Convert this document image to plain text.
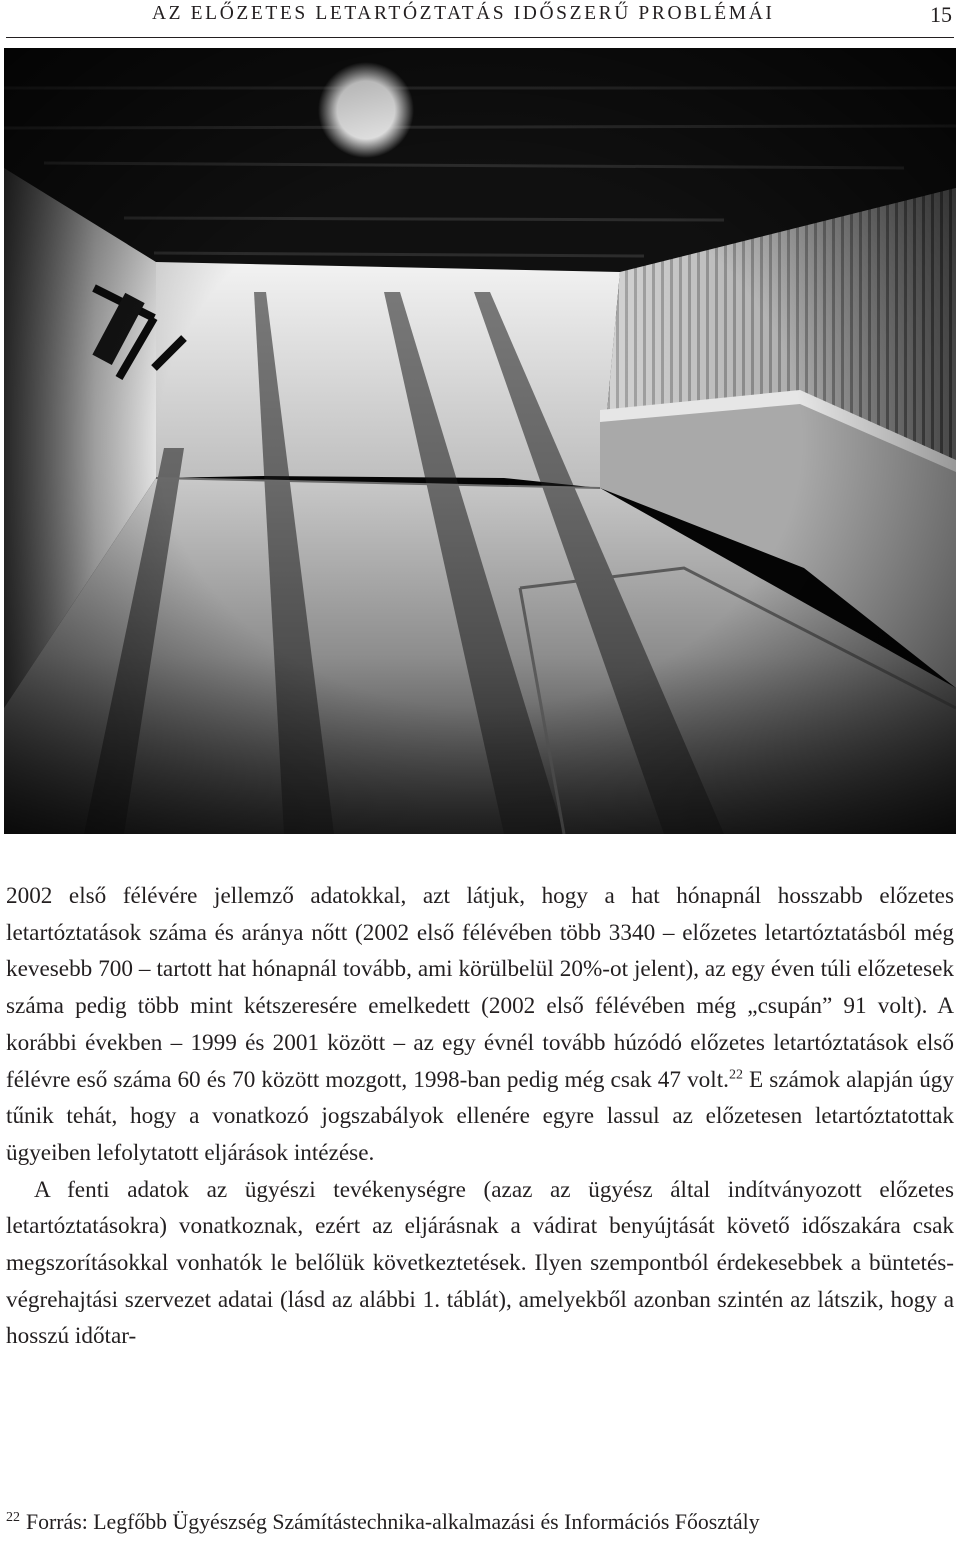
AZ ELŐZETES LETARTÓZTATÁS IDŐSZERŰ PROBLÉMÁI	15

2002 első félévére jellemző adatokkal, azt látjuk, hogy a hat hónapnál hosszabb előzetes letartóztatások száma és aránya nőtt (2002 első félévében több 3340 – előzetes letartóztatásból még kevesebb 700 – tartott hat hónapnál tovább, ami körülbelül 20%-ot jelent), az egy éven túli előzetesek száma pedig több mint kétszeresére emelkedett (2002 első félévében még „csupán” 91 volt). A korábbi években – 1999 és 2001 között – az egy évnél tovább húzódó előzetes letartóztatások első félévre eső száma 60 és 70 között mozgott, 1998-ban pedig még csak 47 volt.$^{22}$ E számok alapján úgy tűnik tehát, hogy a vonatkozó jogszabályok ellenére egyre lassul az előzetesen letartóztatottak ügyeiben lefolytatott eljárások intézése.

A fenti adatok az ügyészi tevékenységre (azaz az ügyész által indítványozott előzetes letartóztatásokra) vonatkoznak, ezért az eljárásnak a vádirat benyújtását követő időszakára csak megszorításokkal vonhatók le belőlük következtetések. Ilyen szempontból érdekesebbek a büntetés-végrehajtási szervezet adatai (lásd az alábbi 1. táblát), amelyekből azonban szintén az látszik, hogy a hosszú időtar-

$^{22}$ Forrás: Legfőbb Ügyészség Számítástechnika-alkalmazási és Információs Főosztály
